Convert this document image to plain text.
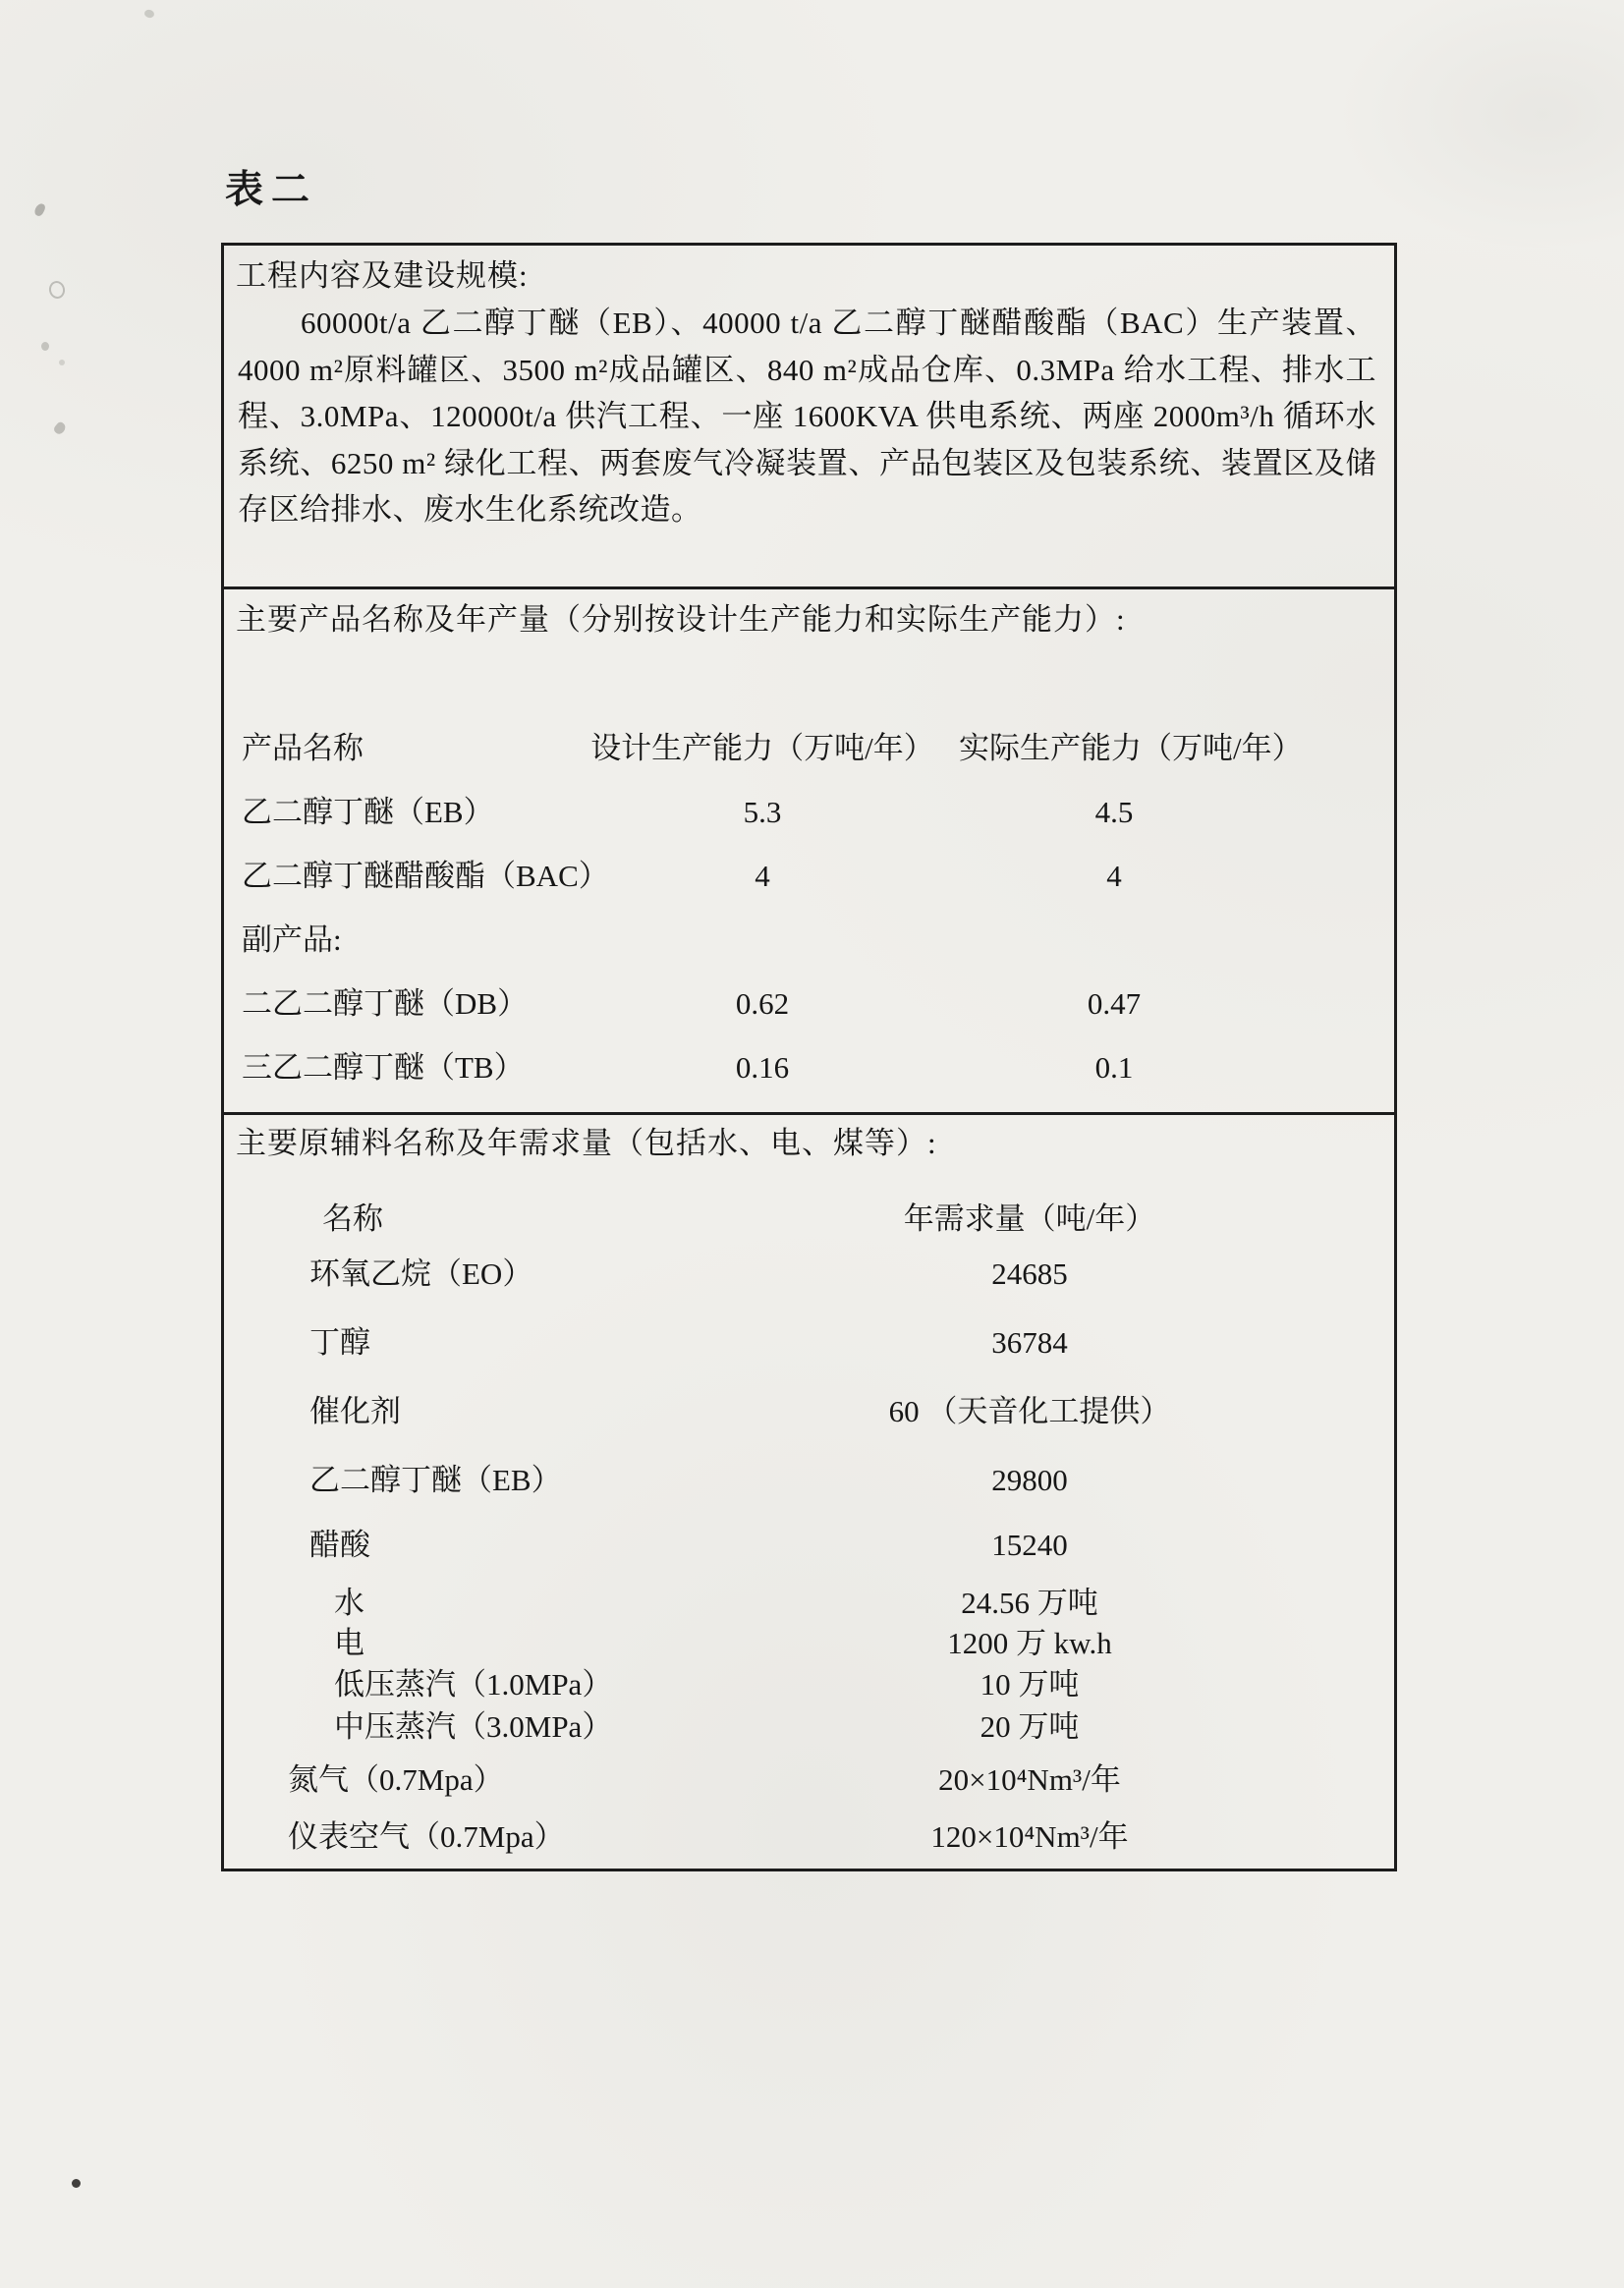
表二
工程内容及建设规模:

60000t/a 乙二醇丁醚（EB）、40000 t/a 乙二醇丁醚醋酸酯（BAC）生产装置、4000 m²原料罐区、3500 m²成品罐区、840 m²成品仓库、0.3MPa 给水工程、排水工程、3.0MPa、120000t/a 供汽工程、一座 1600KVA 供电系统、两座 2000m³/h 循环水系统、6250 m² 绿化工程、两套废气冷凝装置、产品包装区及包装系统、装置区及储存区给排水、废水生化系统改造。

主要产品名称及年产量（分别按设计生产能力和实际生产能力）:
产品名称	设计生产能力（万吨/年） 实际生产能力（万吨/年）
乙二醇丁醚（EB）	5.3	4.5
乙二醇丁醚醋酸酯（BAC）	4	4
副产品:
二乙二醇丁醚（DB）	0.62	0.47
三乙二醇丁醚（TB）	0.16	0.1
主要原辅料名称及年需求量（包括水、电、煤等）:
名称	年需求量（吨/年）
环氧乙烷（EO）	24685
丁醇	36784
催化剂	60 （天音化工提供）
乙二醇丁醚（EB）	29800
醋酸	15240
水	24.56 万吨
电	1200 万 kw.h
低压蒸汽（1.0MPa）	10 万吨
中压蒸汽（3.0MPa）	20 万吨
氮气（0.7Mpa）	20×10⁴Nm³/年
仪表空气（0.7Mpa）	120×10⁴Nm³/年
